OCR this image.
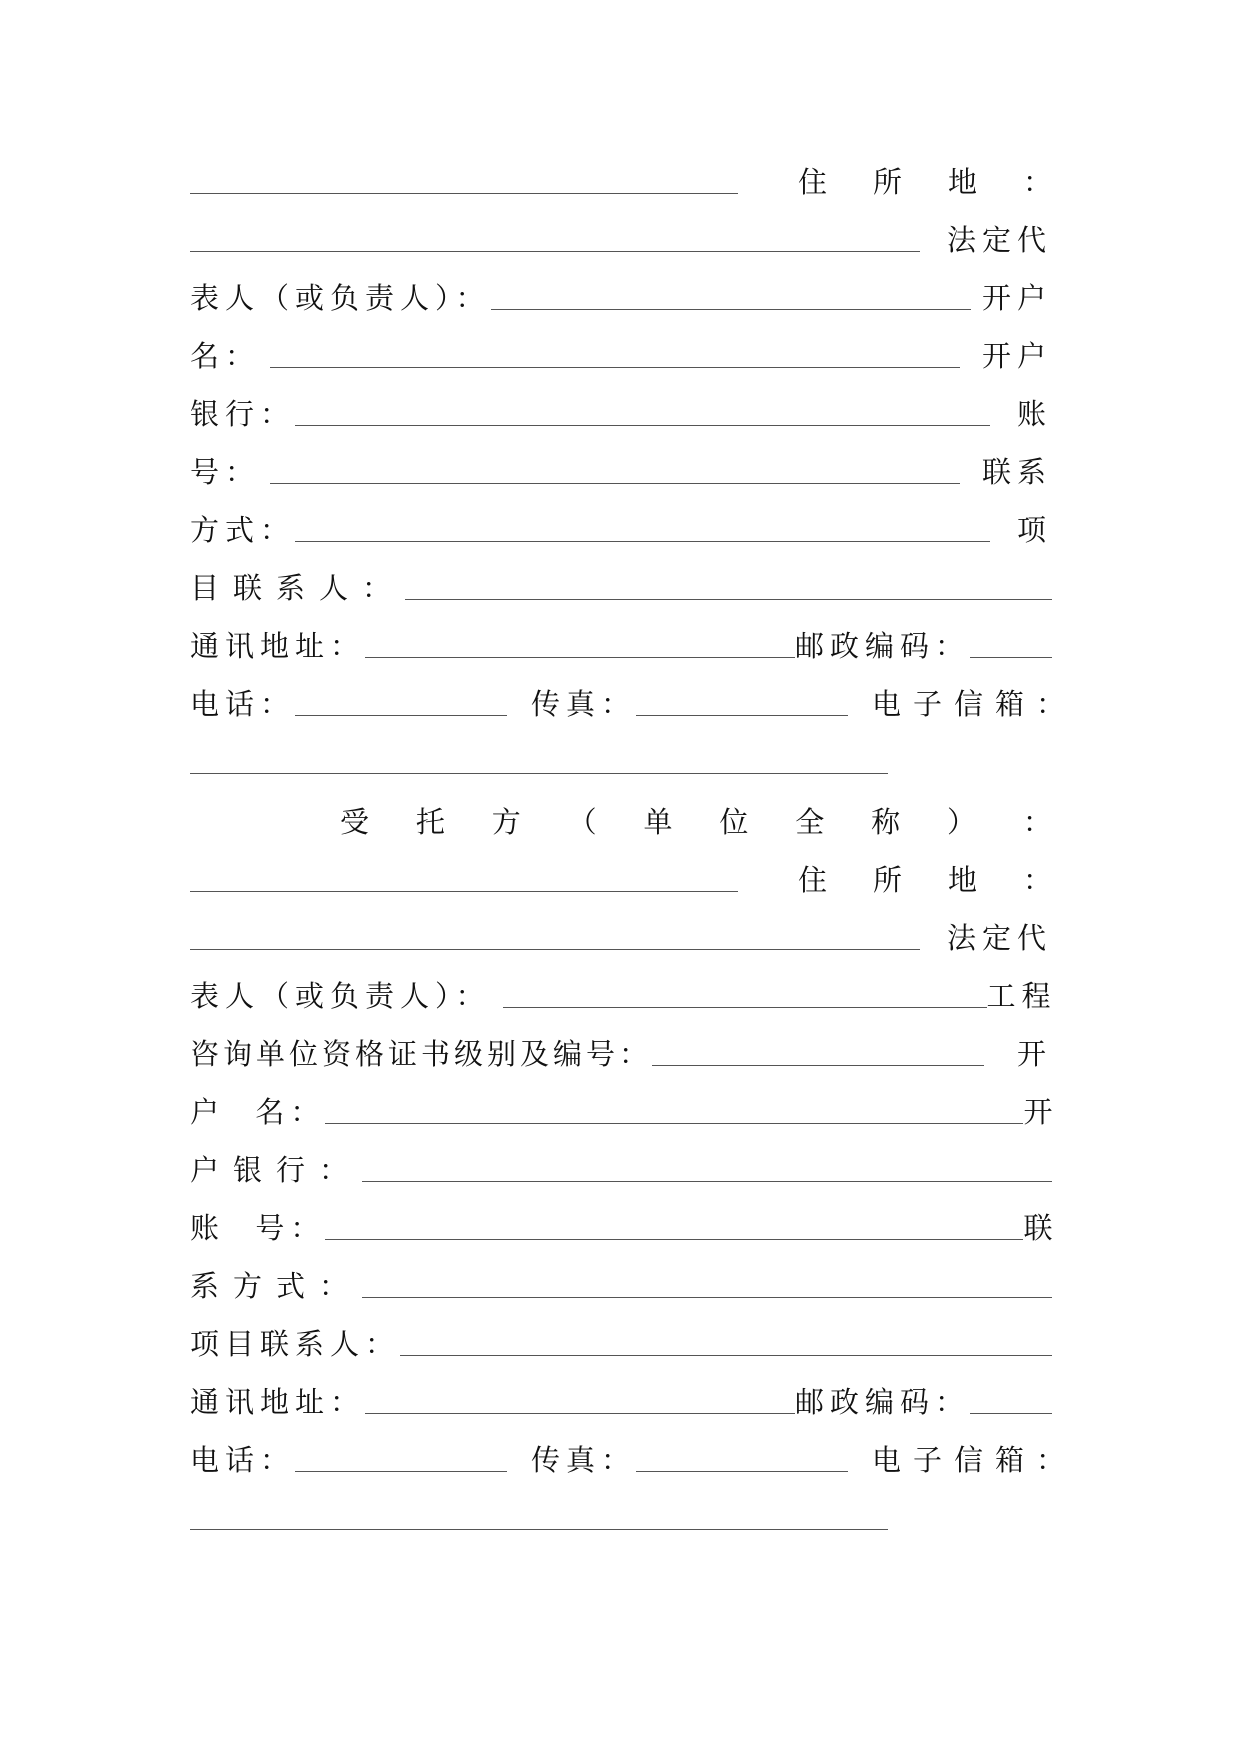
住 所 地 ：
法定代
表人（或负责人）：	开户
名：	开户
银行：	账
号：	联系
方式：	项
目联系人：
通讯地址：	邮政编码：
电话：	传真：	电子信箱：
受 托 方 （ 单 位 全 称 ） ：
住 所 地 ：
法定代
表人（或负责人）：	工程
咨询单位资格证书级别及编号：	开
户  名：	开
户银行：
账  号：	联
系方式：
项目联系人：
通讯地址：	邮政编码：
电话：	传真：	电子信箱：
